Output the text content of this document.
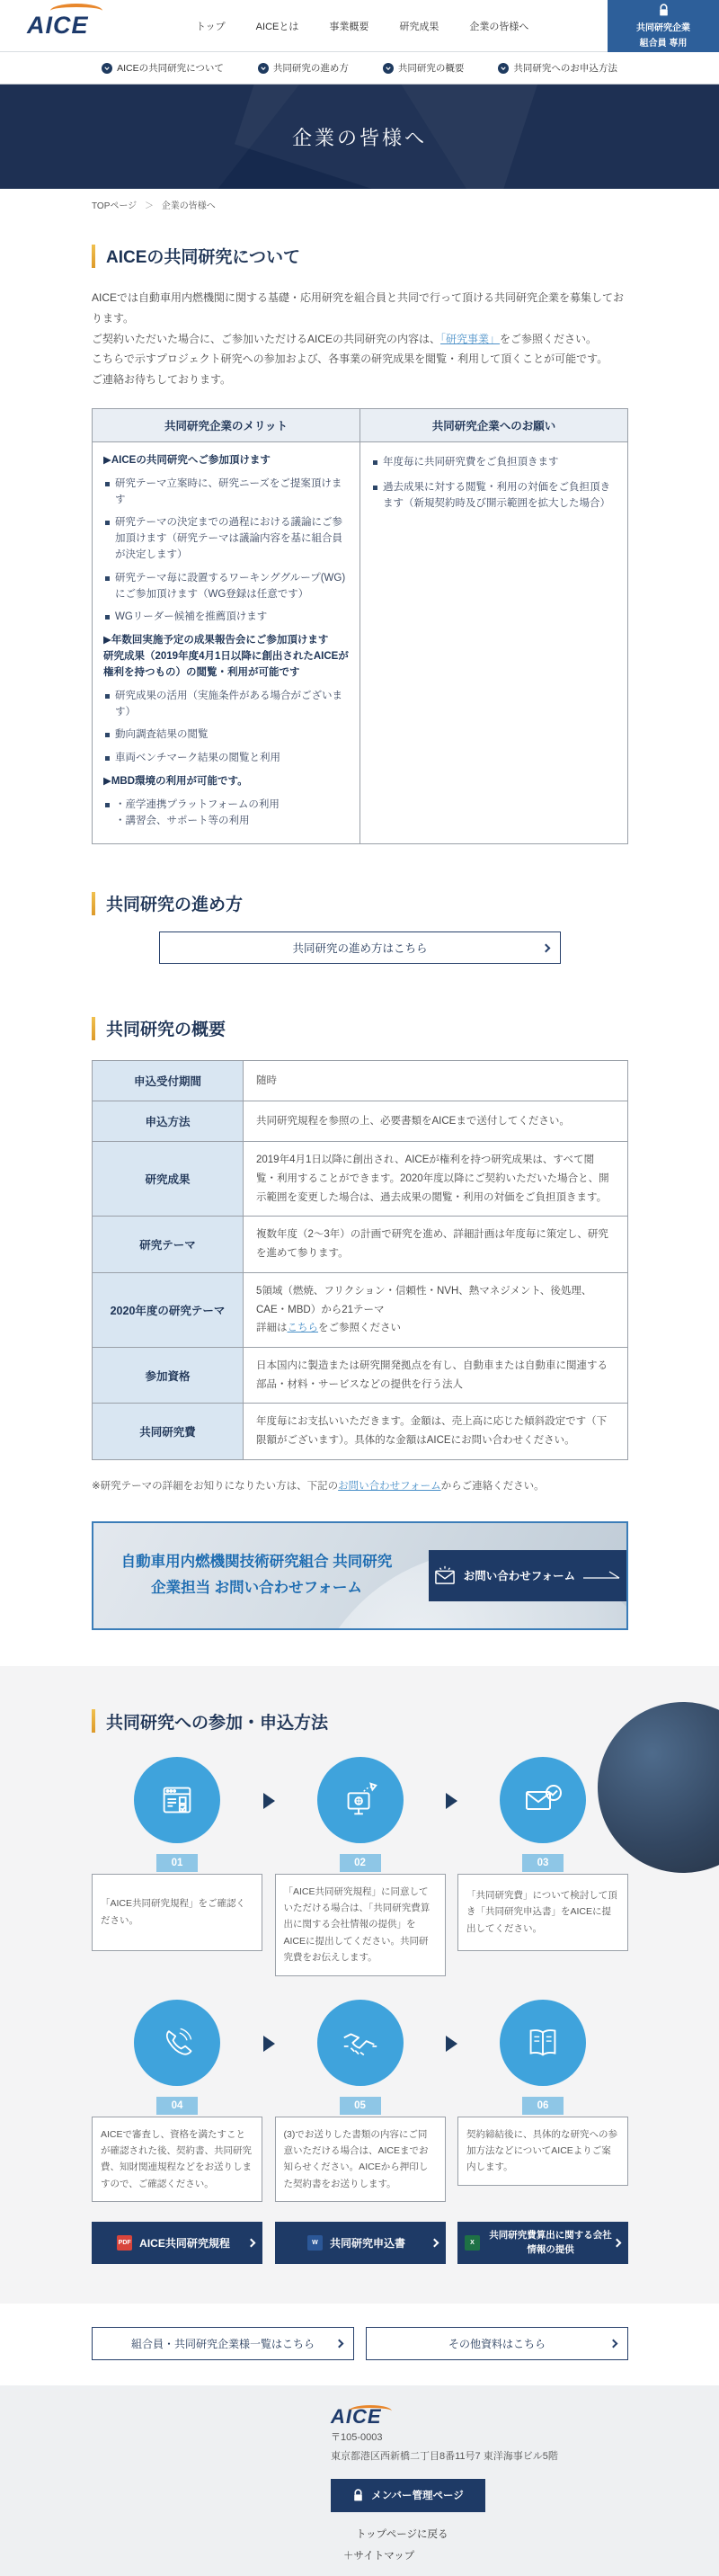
AICE	トップ	AICEとは	事業概要	研究成果	企業の皆様へ	共同研究企業
組合員 専用
AICEの共同研究について	共同研究の進め方	共同研究の概要	共同研究へのお申込方法
企業の皆様へ
TOPページ ＞ 企業の皆様へ
AICEの共同研究について

AICEでは自動車用内燃機関に関する基礎・応用研究を組合員と共同で行って頂ける共同研究企業を募集しております。
ご契約いただいた場合に、ご参加いただけるAICEの共同研究の内容は、「研究事業」をご参照ください。
こちらで示すプロジェクト研究への参加および、各事業の研究成果を閲覧・利用して頂くことが可能です。
ご連絡お待ちしております。

共同研究企業のメリット	共同研究企業へのお願い

▶AICEの共同研究へご参加頂けます
研究テーマ立案時に、研究ニーズをご提案頂けます
研究テーマの決定までの過程における議論にご参加頂けます（研究テーマは議論内容を基に組合員が決定します）
研究テーマ毎に設置するワーキンググループ(WG)にご参加頂けます（WG登録は任意です）
WGリーダー候補を推薦頂けます
▶年数回実施予定の成果報告会にご参加頂けます
研究成果（2019年度4月1日以降に創出されたAICEが権利を持つもの）の閲覧・利用が可能です
研究成果の活用（実施条件がある場合がございます）
動向調査結果の閲覧
車両ベンチマーク結果の閲覧と利用
▶MBD環境の利用が可能です。
・産学連携プラットフォームの利用
・講習会、サポート等の利用

年度毎に共同研究費をご負担頂きます
過去成果に対する閲覧・利用の対価をご負担頂きます（新規契約時及び開示範囲を拡大した場合）
共同研究の進め方
共同研究の進め方はこちら
共同研究の概要
申込受付期間	随時
申込方法	共同研究規程を参照の上、必要書類をAICEまで送付してください。
研究成果	2019年4月1日以降に創出され、AICEが権利を持つ研究成果は、すべて閲覧・利用することができます。2020年度以降にご契約いただいた場合と、開示範囲を変更した場合は、過去成果の閲覧・利用の対価をご負担頂きます。
研究テーマ	複数年度（2～3年）の計画で研究を進め、詳細計画は年度毎に策定し、研究を進めて参ります。
2020年度の研究テーマ	5領域（燃焼、フリクション・信頼性・NVH、熱マネジメント、後処理、CAE・MBD）から21テーマ
詳細はこちらをご参照ください
参加資格	日本国内に製造または研究開発拠点を有し、自動車または自動車に関連する部品・材料・サービスなどの提供を行う法人
共同研究費	年度毎にお支払いいただきます。金額は、売上高に応じた傾斜設定です（下限額がございます）。具体的な金額はAICEにお問い合わせください。

※研究テーマの詳細をお知りになりたい方は、下記のお問い合わせフォームからご連絡ください。

自動車用内燃機関技術研究組合 共同研究企業担当 お問い合わせフォーム
お問い合わせフォーム
共同研究への参加・申込方法
01	02	03
「AICE共同研究規程」をご確認ください。
「AICE共同研究規程」に同意していただける場合は、「共同研究費算出に関する会社情報の提供」をAICEに提出してください。共同研究費をお伝えします。
「共同研究費」について検討して頂き「共同研究申込書」をAICEに提出してください。
04	05	06
AICEで審査し、資格を満たすことが確認された後、契約書、共同研究費、知財関連規程などをお送りしますので、ご確認ください。
(3)でお送りした書類の内容にご同意いただける場合は、AICEまでお知らせください。AICEから押印した契約書をお送りします。
契約締結後に、具体的な研究への参加方法などについてAICEよりご案内します。
PDF AICE共同研究規程	W	共同研究申込書	X
共同研究費算出に関する会社情報の提供
組合員・共同研究企業様一覧はこちら	その他資料はこちら
AICE
〒105-0003
東京都港区西新橋二丁目8番11号7 東洋海事ビル5階
メンバー管理ページ
トップページに戻る
＋サイトマップ
